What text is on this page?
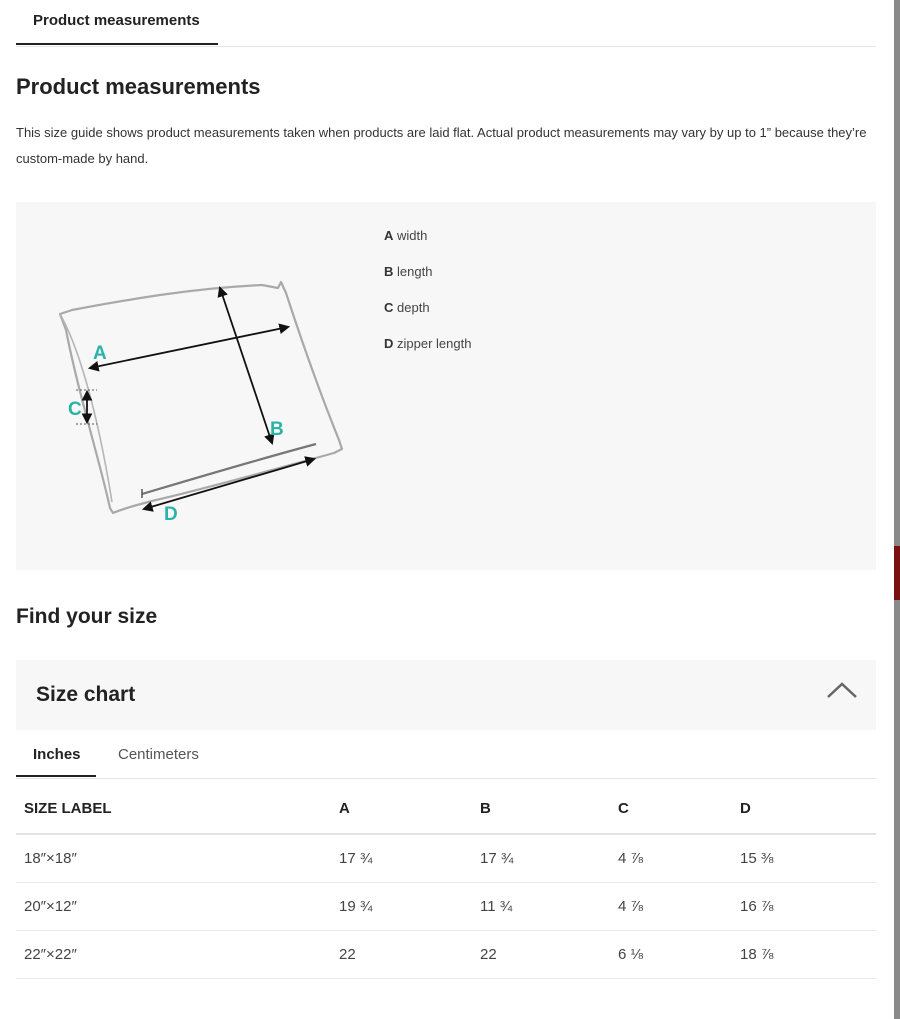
Product measurements
Product measurements

This size guide shows product measurements taken when products are laid flat. Actual product measurements may vary by up to 1” because they’re custom-made by hand.

A
B
C
D
A width
B length
C depth
D zipper length
Find your size
Size chart
Inches	Centimeters
SIZE LABEL	A	B	C	D
18″×18″	17 ¾	17 ¾	4 ⅞	15 ⅜
20″×12″	19 ¾	11 ¾	4 ⅞	16 ⅞
22″×22″	22	22	6 ⅛	18 ⅞
